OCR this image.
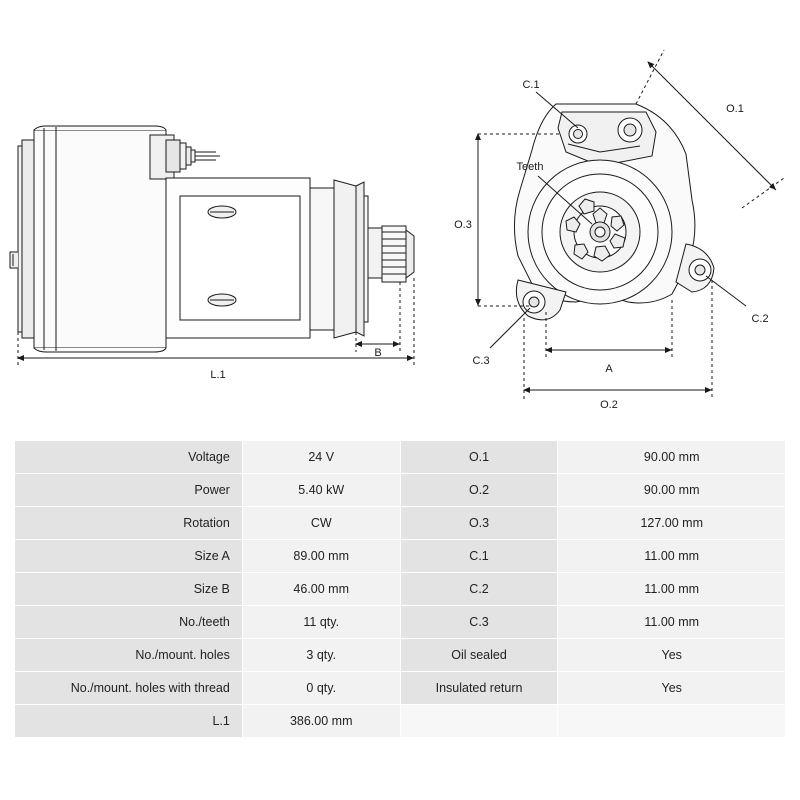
L.1
B
O.1
O.2
O.3
A
C.1
C.2
C.3
Teeth
Voltage	24 V	O.1	90.00 mm
Power	5.40 kW	O.2	90.00 mm
Rotation	CW	O.3	127.00 mm
Size A	89.00 mm	C.1	11.00 mm
Size B	46.00 mm	C.2	11.00 mm
No./teeth	11 qty.	C.3	11.00 mm
No./mount. holes	3 qty.	Oil sealed	Yes
No./mount. holes with thread	0 qty.	Insulated return	Yes
L.1	386.00 mm		
